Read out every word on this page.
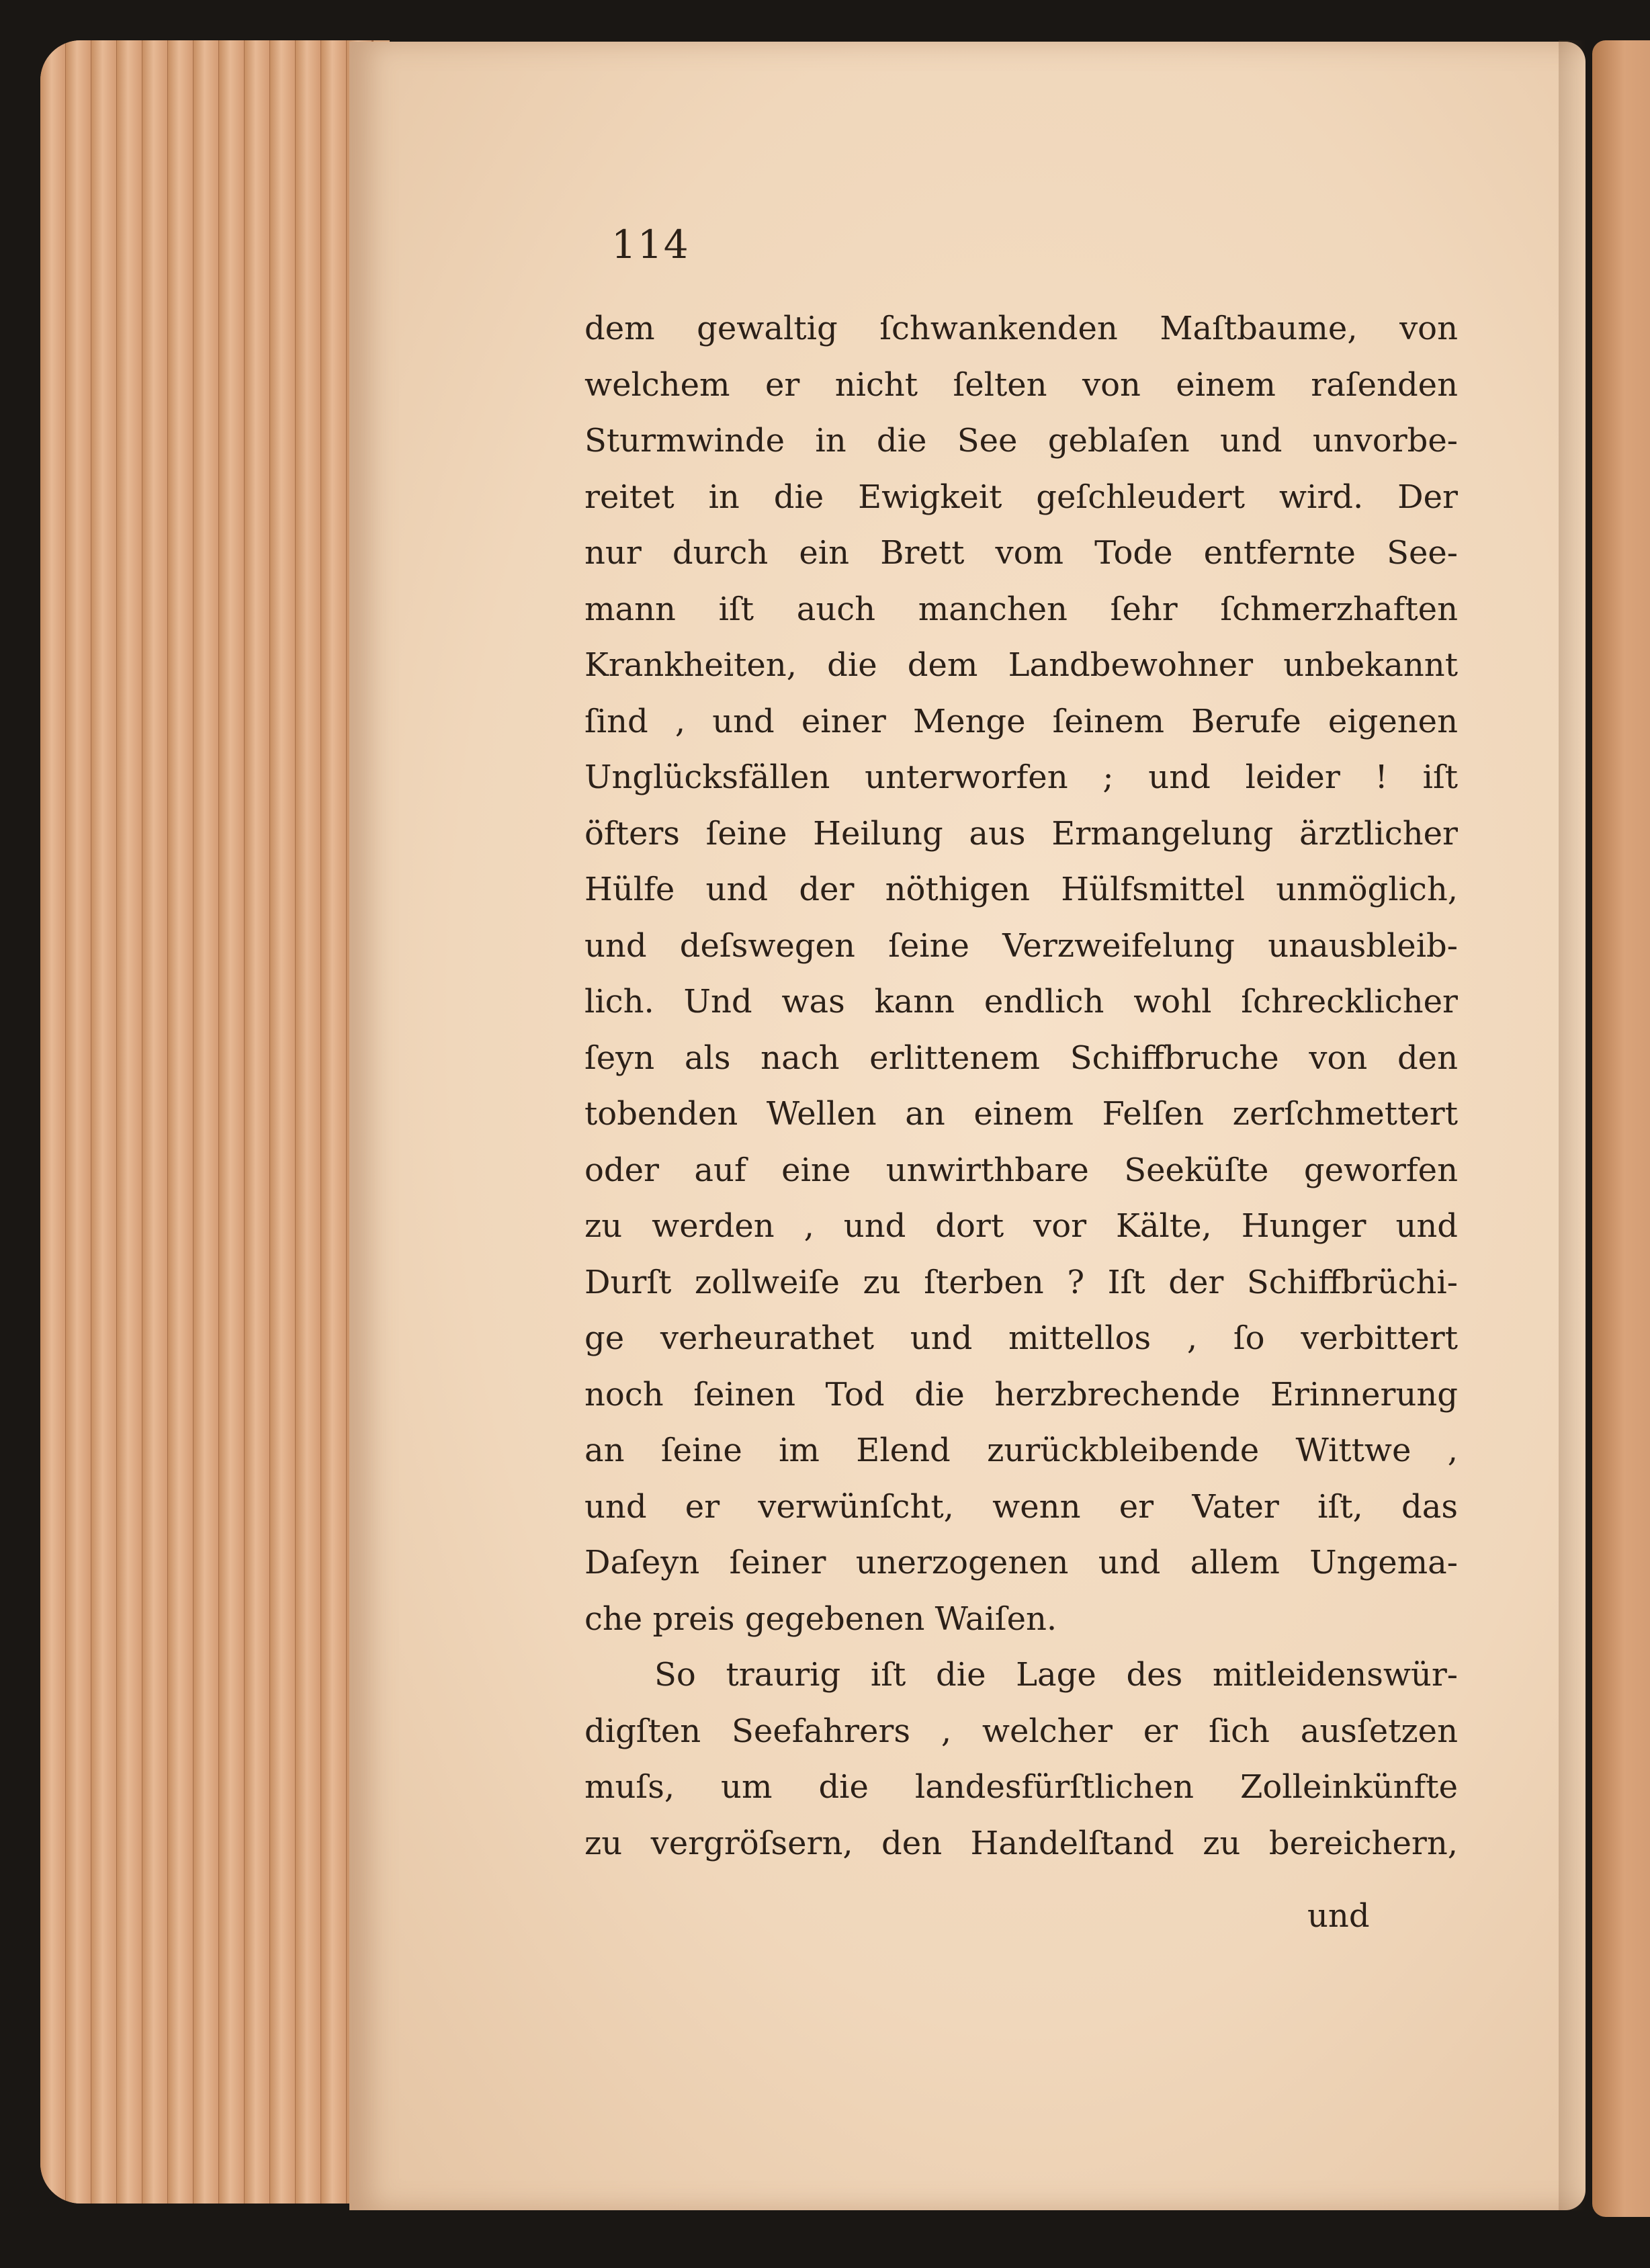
114
dem gewaltig ſchwankenden Maſtbaume, von
welchem er nicht ſelten von einem raſenden
Sturmwinde in die See geblaſen und unvorbe-
reitet in die Ewigkeit geſchleudert wird. Der
nur durch ein Brett vom Tode entfernte See-
mann iſt auch manchen ſehr ſchmerzhaften
Krankheiten, die dem Landbewohner unbekannt
ſind , und einer Menge ſeinem Berufe eigenen
Unglücksfällen unterworfen ; und leider ! iſt
öfters ſeine Heilung aus Ermangelung ärztlicher
Hülfe und der nöthigen Hülfsmittel unmöglich,
und deſswegen ſeine Verzweifelung unausbleib-
lich. Und was kann endlich wohl ſchrecklicher
ſeyn als nach erlittenem Schiffbruche von den
tobenden Wellen an einem Felſen zerſchmettert
oder auf eine unwirthbare Seeküſte geworfen
zu werden , und dort vor Kälte, Hunger und
Durſt zollweiſe zu ſterben ? Iſt der Schiffbrüchi-
ge verheurathet und mittellos , ſo verbittert
noch ſeinen Tod die herzbrechende Erinnerung
an ſeine im Elend zurückbleibende Wittwe ,
und er verwünſcht, wenn er Vater iſt, das
Daſeyn ſeiner unerzogenen und allem Ungema-
che preis gegebenen Waiſen.
So traurig iſt die Lage des mitleidenswür-
digſten Seefahrers , welcher er ſich ausſetzen
muſs, um die landesfürſtlichen Zolleinkünfte
zu vergröſsern, den Handelſtand zu bereichern,
und
